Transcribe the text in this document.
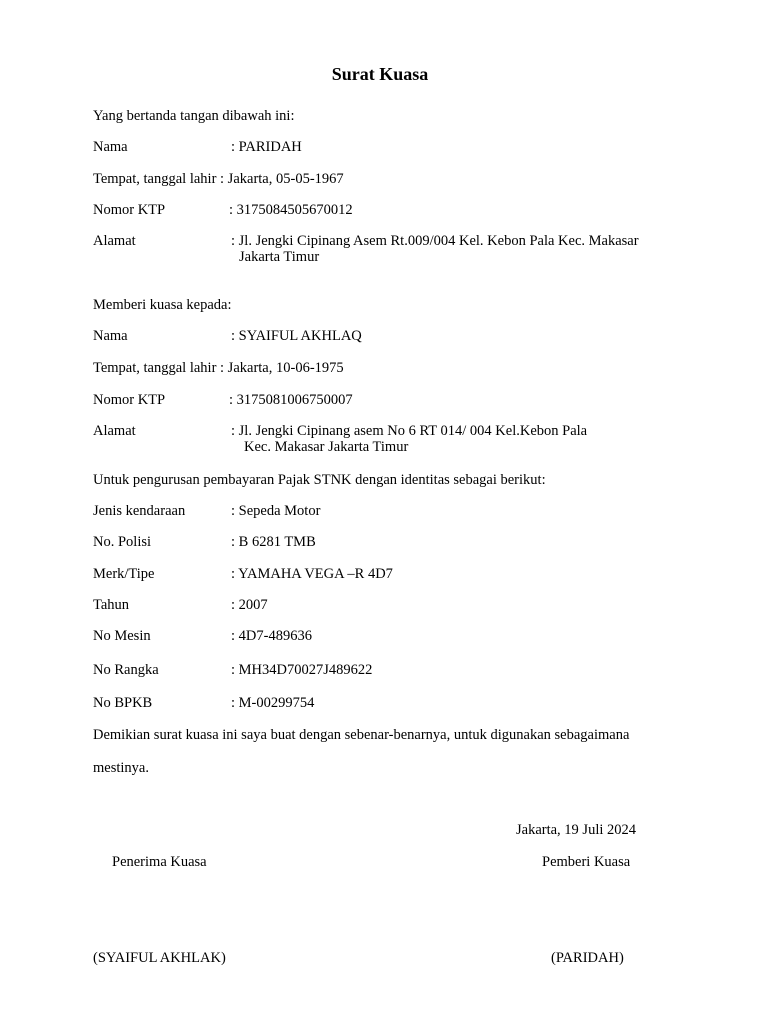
Surat Kuasa
Yang bertanda tangan dibawah ini:
Nama	: PARIDAH
Tempat, tanggal lahir : Jakarta, 05-05-1967
Nomor KTP	: 3175084505670012
Alamat	: Jl. Jengki Cipinang Asem Rt.009/004 Kel. Kebon Pala Kec. Makasar
Jakarta Timur
Memberi kuasa kepada:
Nama	: SYAIFUL AKHLAQ
Tempat, tanggal lahir : Jakarta, 10-06-1975
Nomor KTP	: 3175081006750007
Alamat	: Jl. Jengki Cipinang asem No 6 RT 014/ 004 Kel.Kebon Pala
Kec. Makasar Jakarta Timur
Untuk pengurusan pembayaran Pajak STNK dengan identitas sebagai berikut:
Jenis kendaraan	: Sepeda Motor
No. Polisi	: B 6281 TMB
Merk/Tipe	: YAMAHA VEGA –R 4D7
Tahun	: 2007
No Mesin	: 4D7-489636
No Rangka	: MH34D70027J489622
No BPKB	: M-00299754
Demikian surat kuasa ini saya buat dengan sebenar-benarnya, untuk digunakan sebagaimana
mestinya.
Jakarta, 19 Juli 2024
Penerima Kuasa	Pemberi Kuasa
(SYAIFUL AKHLAK)	(PARIDAH)
